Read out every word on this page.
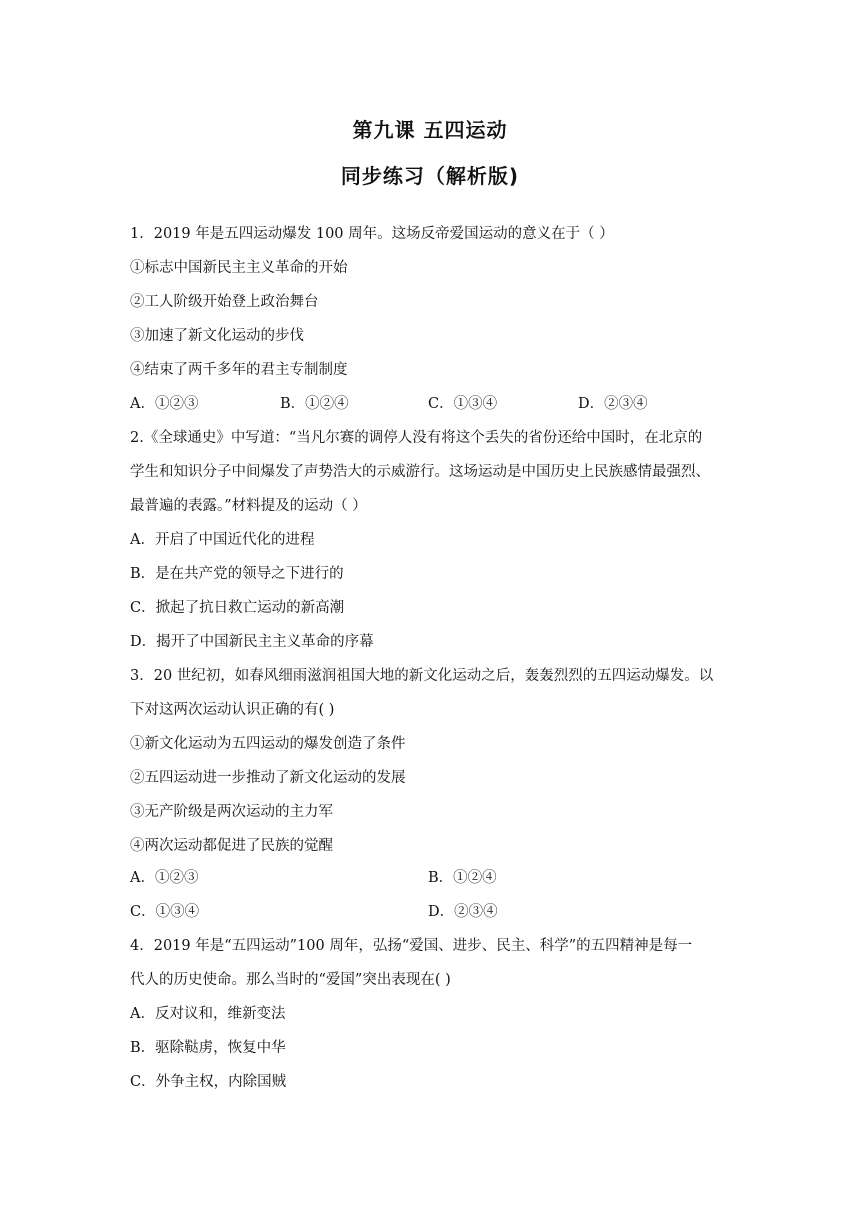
第九课 五四运动
同步练习（解析版)
1．2019 年是五四运动爆发 100 周年。这场反帝爱国运动的意义在于（ ）
①标志中国新民主主义革命的开始
②工人阶级开始登上政治舞台
③加速了新文化运动的步伐
④结束了两千多年的君主专制制度
A．①②③	B．①②④	C．①③④	D．②③④
2.《全球通史》中写道：“当凡尔赛的调停人没有将这个丢失的省份还给中国时，在北京的
学生和知识分子中间爆发了声势浩大的示威游行。这场运动是中国历史上民族感情最强烈、
最普遍的表露。”材料提及的运动（ ）
A．开启了中国近代化的进程
B．是在共产党的领导之下进行的
C．掀起了抗日救亡运动的新高潮
D．揭开了中国新民主主义革命的序幕
3．20 世纪初，如春风细雨滋润祖国大地的新文化运动之后，轰轰烈烈的五四运动爆发。以
下对这两次运动认识正确的有( )
①新文化运动为五四运动的爆发创造了条件
②五四运动进一步推动了新文化运动的发展
③无产阶级是两次运动的主力军
④两次运动都促进了民族的觉醒
A．①②③	B．①②④
C．①③④	D．②③④
4．2019 年是“五四运动”100 周年，弘扬“爱国、进步、民主、科学”的五四精神是每一
代人的历史使命。那么当时的“爱国”突出表现在( )
A．反对议和，维新变法
B．驱除鞑虏，恢复中华
C．外争主权，内除国贼
